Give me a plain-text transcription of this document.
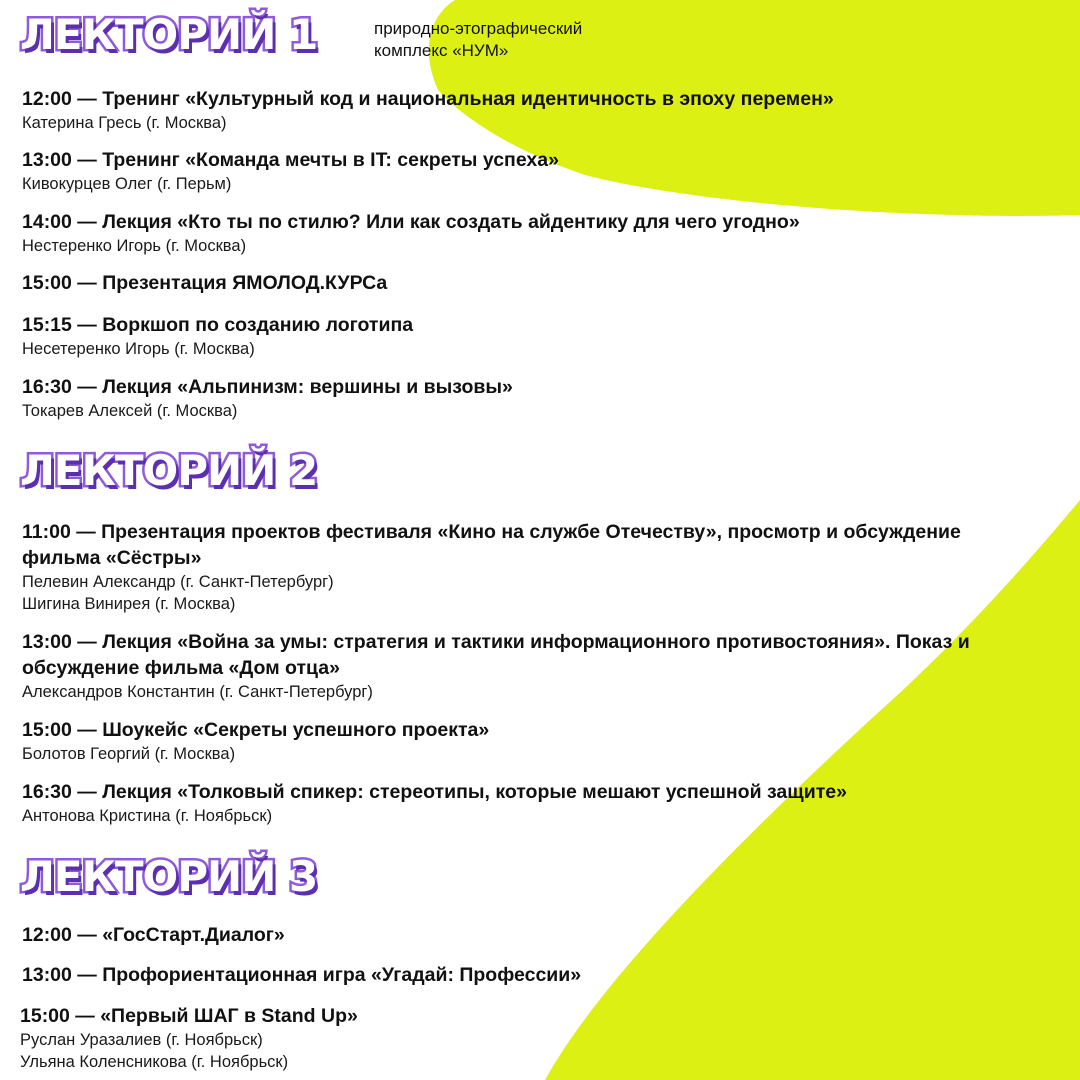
ЛЕКТОРИЙ 1	природно-этографический
комплекс «НУМ»

12:00 — Тренинг «Культурный код и национальная идентичность в эпоху перемен»

Катерина Гресь (г. Москва)

13:00 — Тренинг «Команда мечты в IT: секреты успеха»

Кивокурцев Олег (г. Перьм)

14:00 — Лекция «Кто ты по стилю? Или как создать айдентику для чего угодно»

Нестеренко Игорь (г. Москва)

15:00 — Презентация ЯМОЛОД.КУРСа

15:15 — Воркшоп по созданию логотипа

Несетеренко Игорь (г. Москва)

16:30 — Лекция «Альпинизм: вершины и вызовы»

Токарев Алексей (г. Москва)

ЛЕКТОРИЙ 2

11:00 — Презентация проектов фестиваля «Кино на службе Отечеству», просмотр и обсуждение фильма «Сёстры»

Пелевин Александр (г. Санкт-Петербург)

Шигина Винирея (г. Москва)

13:00 — Лекция «Война за умы: стратегия и тактики информационного противостояния». Показ и обсуждение фильма «Дом отца»

Александров Константин (г. Санкт-Петербург)

15:00 — Шоукейс «Секреты успешного проекта»

Болотов Георгий (г. Москва)

16:30 — Лекция «Толковый спикер: стереотипы, которые мешают успешной защите»

Антонова Кристина (г. Ноябрьск)

ЛЕКТОРИЙ 3

12:00 — «ГосСтарт.Диалог»

13:00 — Профориентационная игра «Угадай: Профессии»

15:00 — «Первый ШАГ в Stand Up»

Руслан Уразалиев (г. Ноябрьск)

Ульяна Коленсникова (г. Ноябрьск)
